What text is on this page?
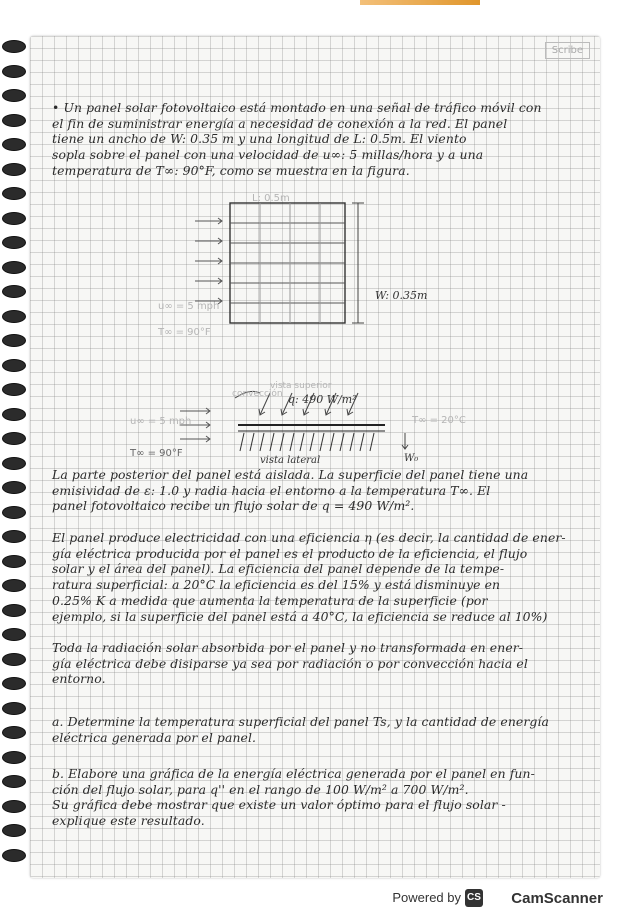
Scribe

• Un panel solar fotovoltaico está montado en una señal de tráfico móvil con

el fin de suministrar energía a necesidad de conexión a la red. El panel

tiene un ancho de W: 0.35 m y una longitud de L: 0.5m. El viento

sopla sobre el panel con una velocidad de u∞: 5 millas/hora y a una

temperatura de T∞: 90°F, como se muestra en la figura.

L: 0.5m
W: 0.35m
u∞ = 5 mph
T∞ = 90°F
vista superior
q: 490 W/m²
convección
u∞ = 5 mph
T∞ = 90°F
T∞ = 20°C
W₀
vista lateral

La parte posterior del panel está aislada. La superficie del panel tiene una

emisividad de ε: 1.0 y radia hacia el entorno a la temperatura T∞. El

panel fotovoltaico recibe un flujo solar de q = 490 W/m².

El panel produce electricidad con una eficiencia η (es decir, la cantidad de ener-

gía eléctrica producida por el panel es el producto de la eficiencia, el flujo

solar y el área del panel). La eficiencia del panel depende de la tempe-

ratura superficial: a 20°C la eficiencia es del 15% y está disminuye en

0.25% K a medida que aumenta la temperatura de la superficie (por

ejemplo, si la superficie del panel está a 40°C, la eficiencia se reduce al 10%)

Toda la radiación solar absorbida por el panel y no transformada en ener-

gía eléctrica debe disiparse ya sea por radiación o por convección hacia el

entorno.

a. Determine la temperatura superficial del panel Ts, y la cantidad de energía

eléctrica generada por el panel.

b. Elabore una gráfica de la energía eléctrica generada por el panel en fun-

ción del flujo solar, para q'' en el rango de 100 W/m² a 700 W/m².

Su gráfica debe mostrar que existe un valor óptimo para el flujo solar -

explique este resultado.

Powered by CS CamScanner
